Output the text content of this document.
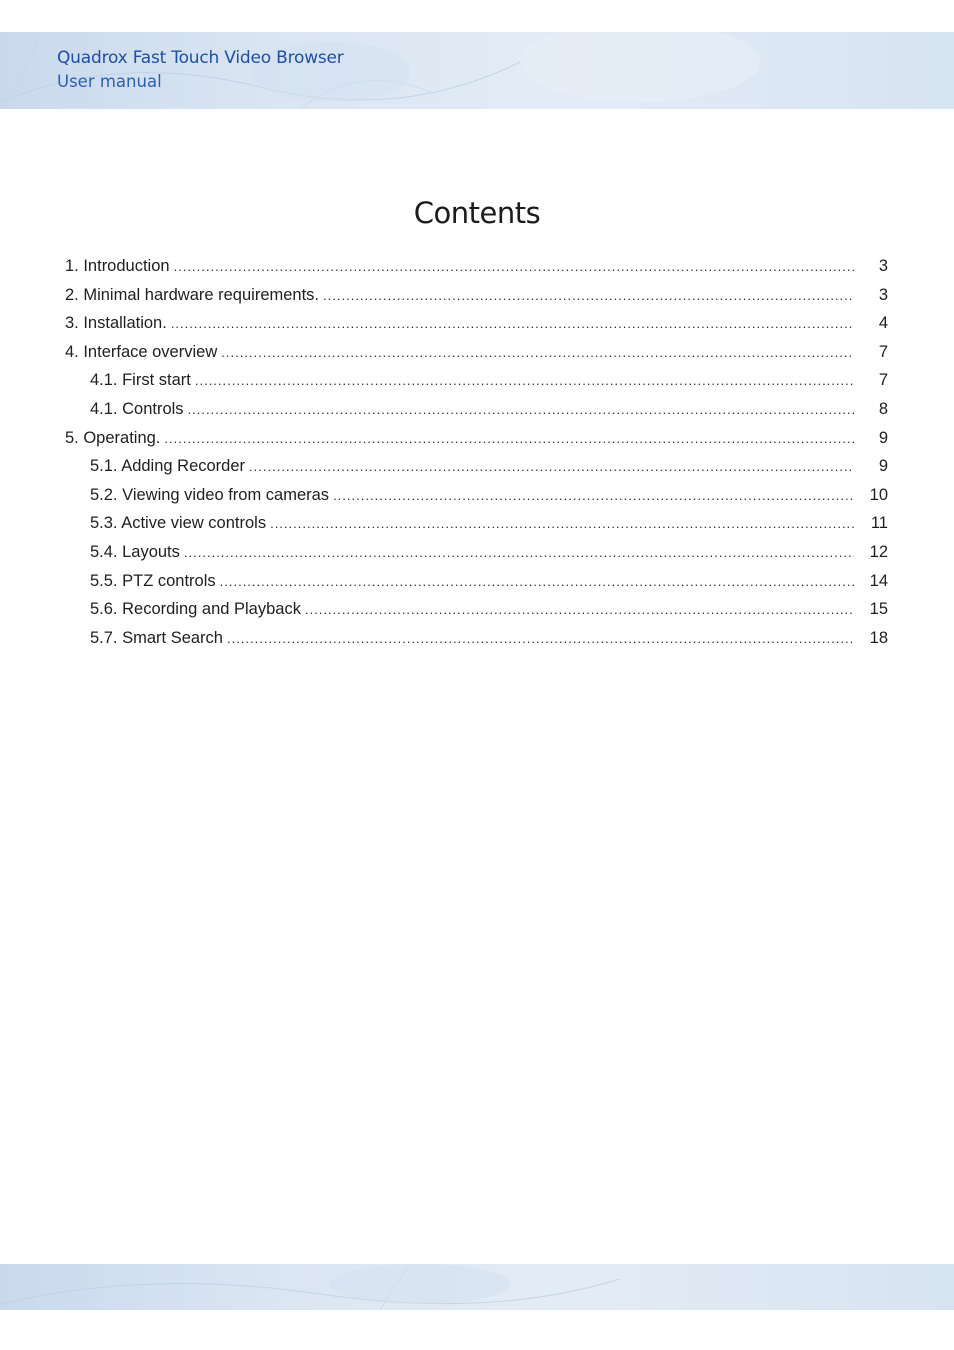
Quadrox Fast Touch Video Browser
User manual
Contents
1. Introduction .....	3
2. Minimal hardware requirements. .....	3
3. Installation. .....	4
4. Interface overview .....	7
4.1. First start .....	7
4.1. Controls .....	8
5. Operating. .....	9
5.1. Adding Recorder .....	9
5.2. Viewing video from cameras .....	10
5.3. Active view controls .....	11
5.4. Layouts .....	12
5.5. PTZ controls .....	14
5.6. Recording and Playback .....	15
5.7. Smart Search .....	18
